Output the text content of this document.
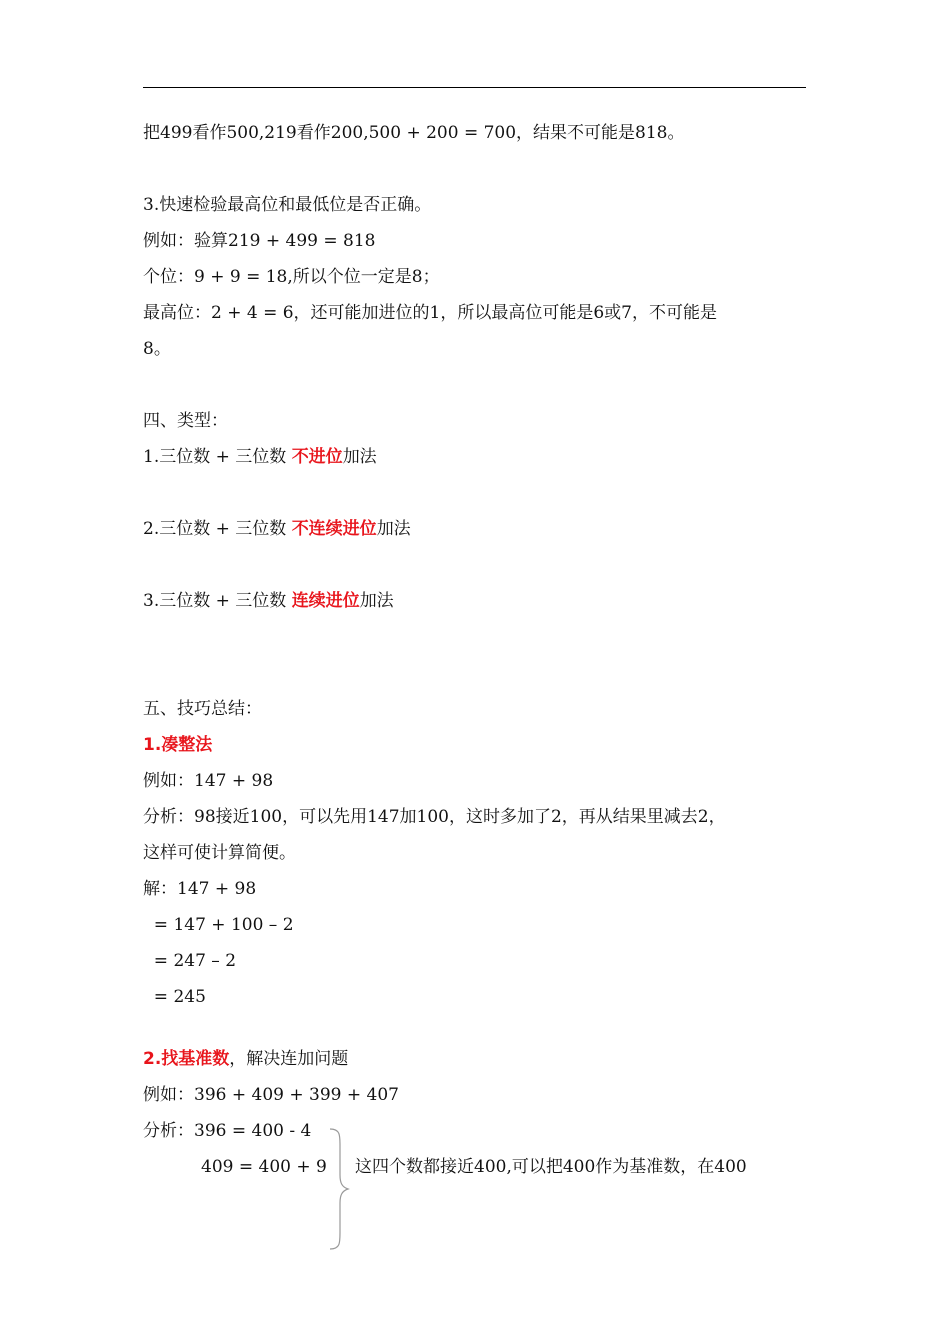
把499看作500,219看作200,500 + 200 = 700，结果不可能是818。
3.快速检验最高位和最低位是否正确。
例如：验算219 + 499 = 818
个位：9 + 9 = 18,所以个位一定是8；
最高位：2 + 4 = 6，还可能加进位的1，所以最高位可能是6或7，不可能是
8。
四、类型：
1.三位数 + 三位数 不进位加法
2.三位数 + 三位数 不连续进位加法
3.三位数 + 三位数 连续进位加法
五、技巧总结：
1.凑整法
例如：147 + 98
分析：98接近100，可以先用147加100，这时多加了2，再从结果里减去2，
这样可使计算简便。
解：147 + 98
= 147 + 100 – 2
= 247 – 2
= 245
2.找基准数，解决连加问题
例如：396 + 409 + 399 + 407
分析：396 = 400 - 4
409 = 400 + 9 这四个数都接近400,可以把400作为基准数，在400
